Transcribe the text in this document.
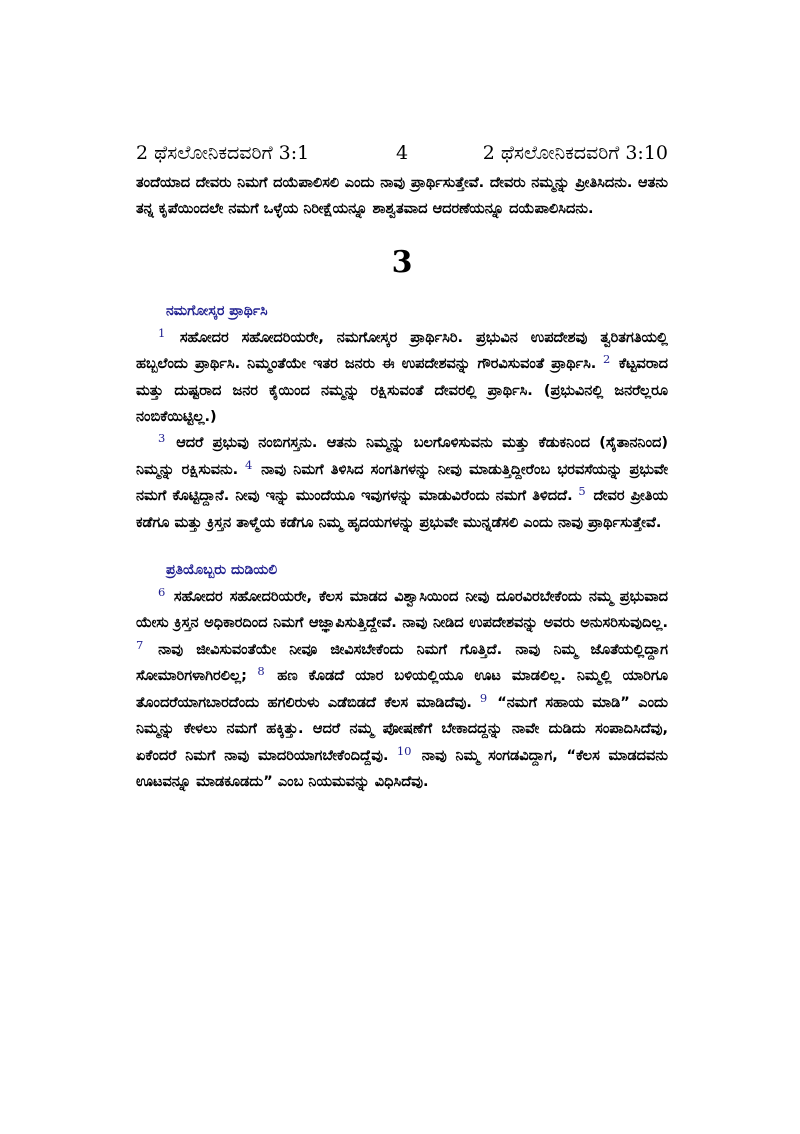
2 ಥೆಸಲೋನಿಕದವರಿಗೆ 3:1	4	2 ಥೆಸಲೋನಿಕದವರಿಗೆ 3:10

ತಂದೆಯಾದ ದೇವರು ನಿಮಗೆ ದಯೆಪಾಲಿಸಲಿ ಎಂದು ನಾವು ಪ್ರಾರ್ಥಿಸುತ್ತೇವೆ. ದೇವರು ನಮ್ಮನ್ನು ಪ್ರೀತಿಸಿದನು. ಆತನು ತನ್ನ ಕೃಪೆಯಿಂದಲೇ ನಮಗೆ ಒಳ್ಳೆಯ ನಿರೀಕ್ಷೆಯನ್ನೂ ಶಾಶ್ವತವಾದ ಆದರಣೆಯನ್ನೂ ದಯೆಪಾಲಿಸಿದನು.

3
ನಮಗೋಸ್ಕರ ಪ್ರಾರ್ಥಿಸಿ

$^1$ ಸಹೋದರ ಸಹೋದರಿಯರೇ, ನಮಗೋಸ್ಕರ ಪ್ರಾರ್ಥಿಸಿರಿ. ಪ್ರಭುವಿನ ಉಪದೇಶವು ತ್ವರಿತಗತಿಯಲ್ಲಿ ಹಬ್ಬಲೆಂದು ಪ್ರಾರ್ಥಿಸಿ. ನಿಮ್ಮಂತೆಯೇ ಇತರ ಜನರು ಈ ಉಪದೇಶವನ್ನು ಗೌರವಿಸುವಂತೆ ಪ್ರಾರ್ಥಿಸಿ. $^2$ ಕೆಟ್ಟವರಾದ ಮತ್ತು ದುಷ್ಟರಾದ ಜನರ ಕೈಯಿಂದ ನಮ್ಮನ್ನು ರಕ್ಷಿಸುವಂತೆ ದೇವರಲ್ಲಿ ಪ್ರಾರ್ಥಿಸಿ. (ಪ್ರಭುವಿನಲ್ಲಿ ಜನರೆಲ್ಲರೂ ನಂಬಿಕೆಯಿಟ್ಟಿಲ್ಲ.)

$^3$ ಆದರೆ ಪ್ರಭುವು ನಂಬಿಗಸ್ತನು. ಆತನು ನಿಮ್ಮನ್ನು ಬಲಗೊಳಿಸುವನು ಮತ್ತು ಕೆಡುಕನಿಂದ (ಸೈತಾನನಿಂದ) ನಿಮ್ಮನ್ನು ರಕ್ಷಿಸುವನು. $^4$ ನಾವು ನಿಮಗೆ ತಿಳಿಸಿದ ಸಂಗತಿಗಳನ್ನು ನೀವು ಮಾಡುತ್ತಿದ್ದೀರೆಂಬ ಭರವಸೆಯನ್ನು ಪ್ರಭುವೇ ನಮಗೆ ಕೊಟ್ಟಿದ್ದಾನೆ. ನೀವು ಇನ್ನು ಮುಂದೆಯೂ ಇವುಗಳನ್ನು ಮಾಡುವಿರೆಂದು ನಮಗೆ ತಿಳಿದದೆ. $^5$ ದೇವರ ಪ್ರೀತಿಯ ಕಡೆಗೂ ಮತ್ತು ಕ್ರಿಸ್ತನ ತಾಳ್ಮೆಯ ಕಡೆಗೂ ನಿಮ್ಮ ಹೃದಯಗಳನ್ನು ಪ್ರಭುವೇ ಮುನ್ನಡೆಸಲಿ ಎಂದು ನಾವು ಪ್ರಾರ್ಥಿಸುತ್ತೇವೆ.

ಪ್ರತಿಯೊಬ್ಬರು ದುಡಿಯಲಿ

$^6$ ಸಹೋದರ ಸಹೋದರಿಯರೇ, ಕೆಲಸ ಮಾಡದ ವಿಶ್ವಾಸಿಯಿಂದ ನೀವು ದೂರವಿರಬೇಕೆಂದು ನಮ್ಮ ಪ್ರಭುವಾದ ಯೇಸು ಕ್ರಿಸ್ತನ ಅಧಿಕಾರದಿಂದ ನಿಮಗೆ ಆಜ್ಞಾಪಿಸುತ್ತಿದ್ದೇವೆ. ನಾವು ನೀಡಿದ ಉಪದೇಶವನ್ನು ಅವರು ಅನುಸರಿಸುವುದಿಲ್ಲ. $^7$ ನಾವು ಜೀವಿಸುವಂತೆಯೇ ನೀವೂ ಜೀವಿಸಬೇಕೆಂದು ನಿಮಗೆ ಗೊತ್ತಿದೆ. ನಾವು ನಿಮ್ಮ ಜೊತೆಯಲ್ಲಿದ್ದಾಗ ಸೋಮಾರಿಗಳಾಗಿರಲಿಲ್ಲ; $^8$ ಹಣ ಕೊಡದೆ ಯಾರ ಬಳಿಯಲ್ಲಿಯೂ ಊಟ ಮಾಡಲಿಲ್ಲ. ನಿಮ್ಮಲ್ಲಿ ಯಾರಿಗೂ ತೊಂದರೆಯಾಗಬಾರದೆಂದು ಹಗಲಿರುಳು ಎಡೆಬಿಡದೆ ಕೆಲಸ ಮಾಡಿದೆವು. $^9$ “ನಮಗೆ ಸಹಾಯ ಮಾಡಿ” ಎಂದು ನಿಮ್ಮನ್ನು ಕೇಳಲು ನಮಗೆ ಹಕ್ಕಿತ್ತು. ಆದರೆ ನಮ್ಮ ಪೋಷಣೆಗೆ ಬೇಕಾದದ್ದನ್ನು ನಾವೇ ದುಡಿದು ಸಂಪಾದಿಸಿದೆವು, ಏಕೆಂದರೆ ನಿಮಗೆ ನಾವು ಮಾದರಿಯಾಗಬೇಕೆಂದಿದ್ದೆವು. $^{10}$ ನಾವು ನಿಮ್ಮ ಸಂಗಡವಿದ್ದಾಗ, “ಕೆಲಸ ಮಾಡದವನು ಊಟವನ್ನೂ ಮಾಡಕೂಡದು” ಎಂಬ ನಿಯಮವನ್ನು ವಿಧಿಸಿದೆವು.
